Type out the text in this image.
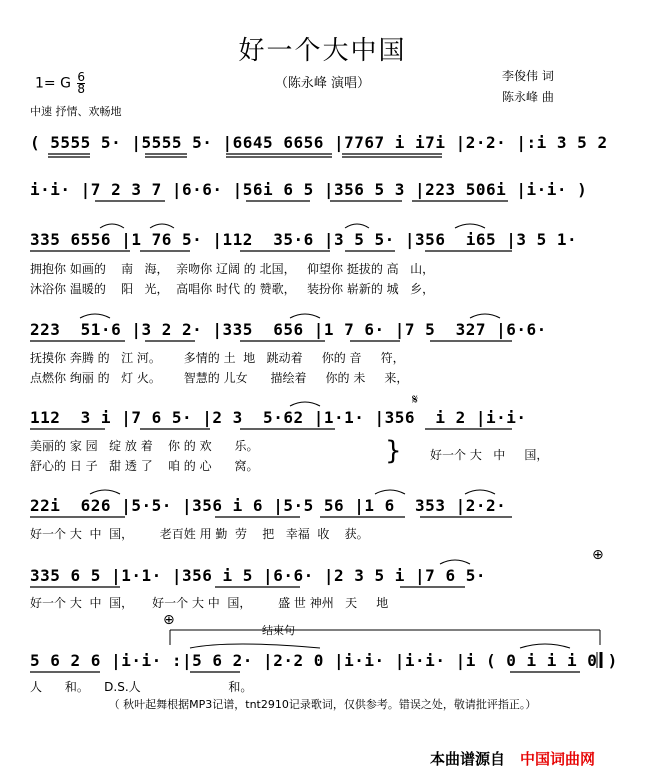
好一个大中国
（陈永峰 演唱）	李俊伟 词
陈永峰 曲
1= G $\frac{6}{8}$
中速 抒情、欢畅地
( 5555 5· |5555 5· |6645 6656 |7767 i i7i |2·2· |:i 3 5 2
i·i· |7 2 3 7 |6·6· |56i 6 5 |356 5 3 |223 506i |i·i· )
335 6556 |1 76 5· |112  35·6 |3 5 5· |356  i65 |3 5 1·
拥抱你 如画的    南   海，  亲吻你 辽阔 的 北国，   仰望你 挺拔的 高   山，
沐浴你 温暖的    阳   光，  高唱你 时代 的 赞歌，   装扮你 崭新的 城   乡，
223  51·6 |3 2 2· |335  656 |1 7 6· |7 5  327 |6·6·
抚摸你 奔腾 的   江 河。      多情的 土  地   跳动着     你的 音     符，
点燃你 绚丽 的   灯 火。      智慧的 儿女      描绘着     你的 未     来，
112  3 i |7 6 5· |2 3  5·62 |1·1· |356  i 2 |i·i·
美丽的 家 园   绽 放 着    你 的 欢      乐。
舒心的 日 子   甜 透 了    咱 的 心      窝。
好一个 大   中     国，
}
𝄋
22i  626 |5·5· |356 i 6 |5·5 56 |1 6  353 |2·2·
好一个 大  中  国，       老百姓 用 勤  劳    把   幸福  收    获。
335 6 5 |1·1· |356 i 5 |6·6· |2 3 5 i |7 6 5·
好一个 大  中  国，     好一个 大 中  国，       盛 世 神州   天     地
⊕
结束句
⊕
5 6 2 6 |i·i· :|5 6 2· |2·2 0 |i·i· |i·i· |i ( 0 i i i 0 )
人      和。    D.S.人                       和。
（ 秋叶起舞根据MP3记谱，tnt2910记录歌词，仅供参考。错误之处，敬请批评指正。）
本曲谱源自 中国词曲网
